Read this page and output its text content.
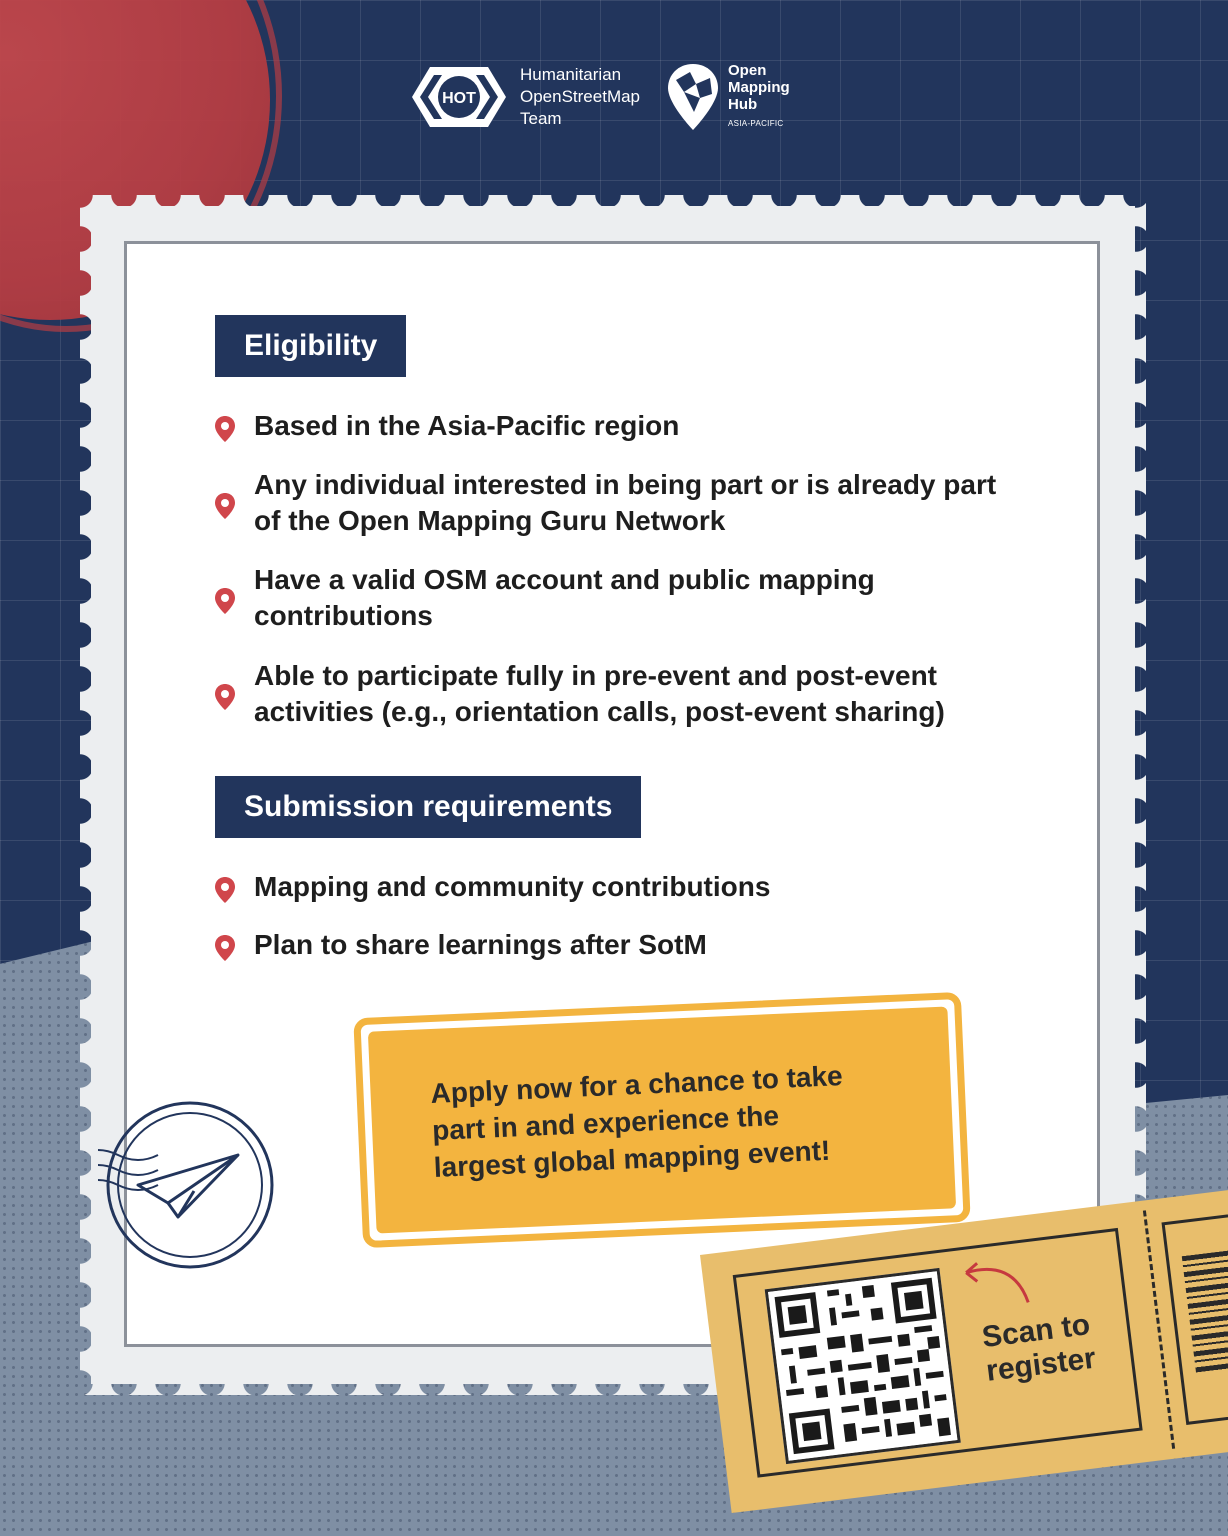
HOT
Humanitarian
OpenStreetMap
Team
Open
Mapping
Hub
ASIA-PACIFIC
Eligibility
Based in the Asia-Pacific region
Any individual interested in being part or is already part of the Open Mapping Guru Network
Have a valid OSM account and public mapping contributions
Able to participate fully in pre-event and post-event activities (e.g., orientation calls, post-event sharing)
Submission requirements
Mapping and community contributions
Plan to share learnings after SotM
Apply now for a chance to take part in and experience the largest global mapping event!
Scan to
register
